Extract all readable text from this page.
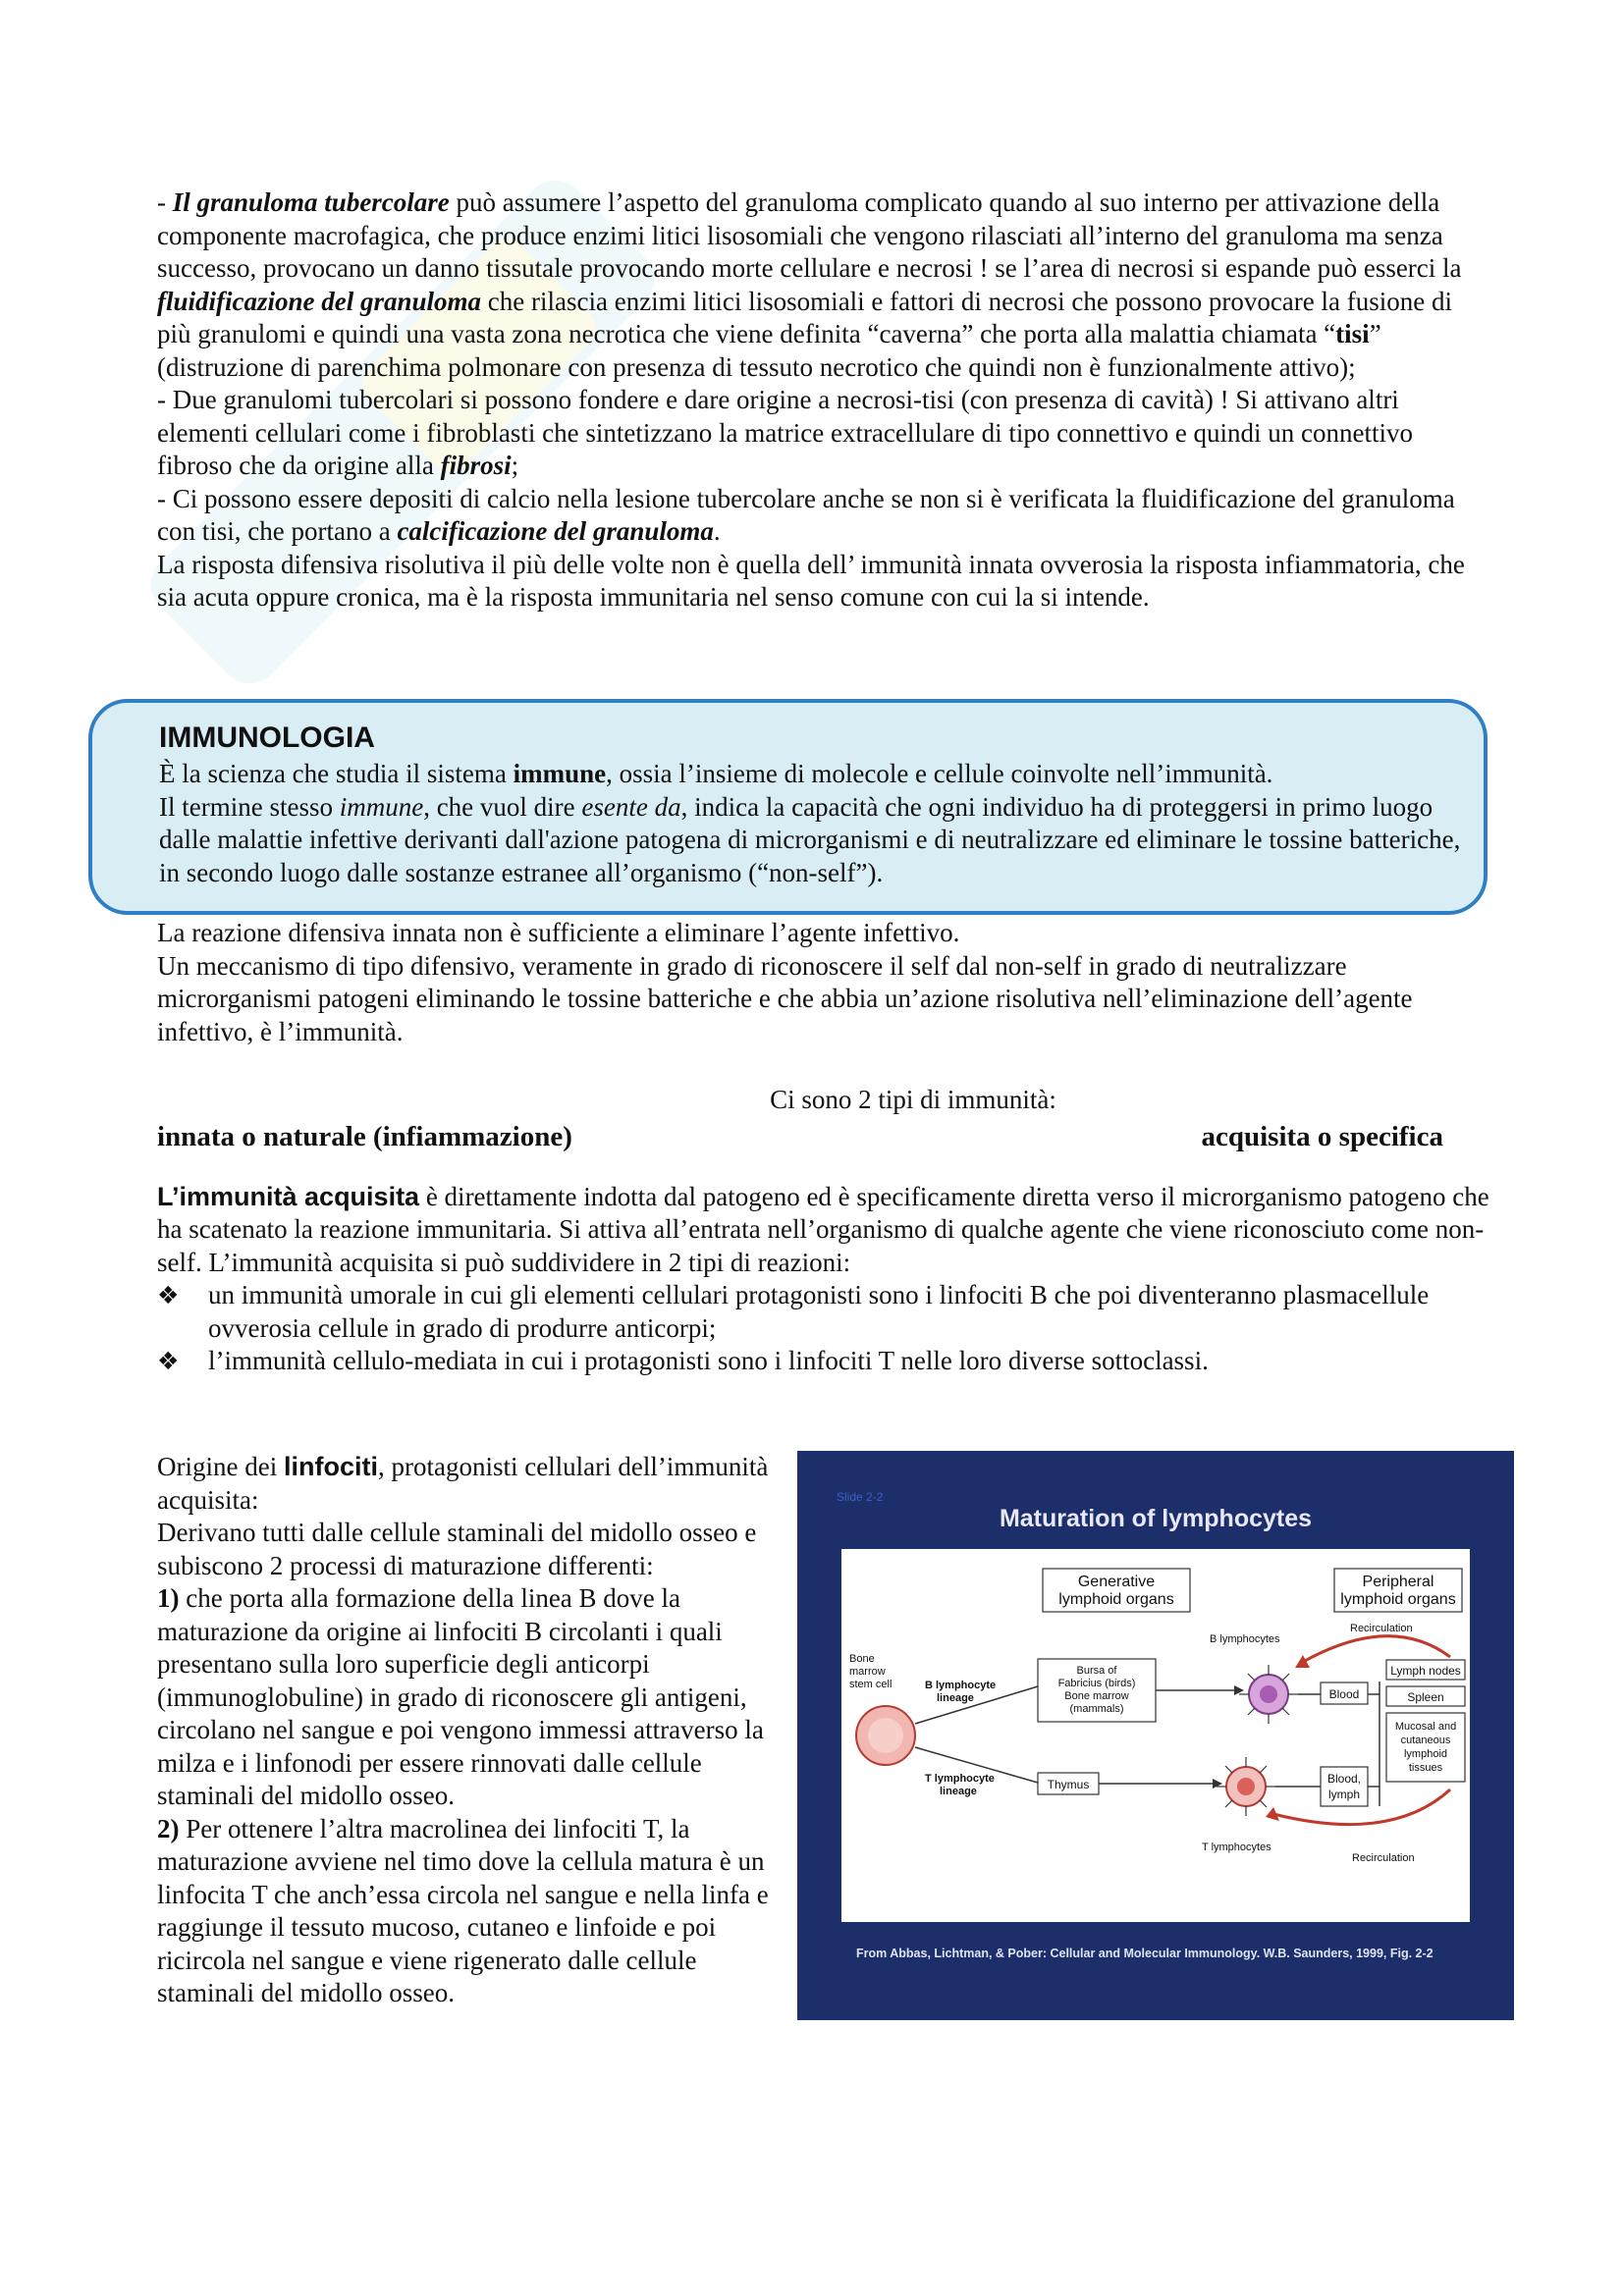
- Il granuloma tubercolare può assumere l’aspetto del granuloma complicato quando al suo interno per attivazione della componente macrofagica, che produce enzimi litici lisosomiali che vengono rilasciati all’interno del granuloma ma senza successo, provocano un danno tissutale provocando morte cellulare e necrosi ! se l’area di necrosi si espande può esserci la fluidificazione del granuloma che rilascia enzimi litici lisosomiali e fattori di necrosi che possono provocare la fusione di più granulomi e quindi una vasta zona necrotica che viene definita “caverna” che porta alla malattia chiamata “tisi” (distruzione di parenchima polmonare con presenza di tessuto necrotico che quindi non è funzionalmente attivo);

- Due granulomi tubercolari si possono fondere e dare origine a necrosi-tisi (con presenza di cavità) ! Si attivano altri elementi cellulari come i fibroblasti che sintetizzano la matrice extracellulare di tipo connettivo e quindi un connettivo fibroso che da origine alla fibrosi;

- Ci possono essere depositi di calcio nella lesione tubercolare anche se non si è verificata la fluidificazione del granuloma con tisi, che portano a calcificazione del granuloma.

La risposta difensiva risolutiva il più delle volte non è quella dell’ immunità innata ovverosia la risposta infiammatoria, che sia acuta oppure cronica, ma è la risposta immunitaria nel senso comune con cui la si intende.

IMMUNOLOGIA

È la scienza che studia il sistema immune, ossia l’insieme di molecole e cellule coinvolte nell’immunità.

Il termine stesso immune, che vuol dire esente da, indica la capacità che ogni individuo ha di proteggersi in primo luogo dalle malattie infettive derivanti dall'azione patogena di microrganismi e di neutralizzare ed eliminare le tossine batteriche, in secondo luogo dalle sostanze estranee all’organismo (“non-self”).

La reazione difensiva innata non è sufficiente a eliminare l’agente infettivo.

Un meccanismo di tipo difensivo, veramente in grado di riconoscere il self dal non-self in grado di neutralizzare microrganismi patogeni eliminando le tossine batteriche e che abbia un’azione risolutiva nell’eliminazione dell’agente infettivo, è l’immunità.

Ci sono 2 tipi di immunità:

innata o naturale (infiammazione)	acquisita o specifica

L’immunità acquisita è direttamente indotta dal patogeno ed è specificamente diretta verso il microrganismo patogeno che ha scatenato la reazione immunitaria. Si attiva all’entrata nell’organismo di qualche agente che viene riconosciuto come non-self. L’immunità acquisita si può suddividere in 2 tipi di reazioni:

❖	un immunità umorale in cui gli elementi cellulari protagonisti sono i linfociti B che poi diventeranno plasmacellule ovverosia cellule in grado di produrre anticorpi;

❖	l’immunità cellulo-mediata in cui i protagonisti sono i linfociti T nelle loro diverse sottoclassi.

Origine dei linfociti, protagonisti cellulari dell’immunità acquisita:

Derivano tutti dalle cellule staminali del midollo osseo e subiscono 2 processi di maturazione differenti:

1) che porta alla formazione della linea B dove la maturazione da origine ai linfociti B circolanti i quali presentano sulla loro superficie degli anticorpi (immunoglobuline) in grado di riconoscere gli antigeni, circolano nel sangue e poi vengono immessi attraverso la milza e i linfonodi per essere rinnovati dalle cellule staminali del midollo osseo.

2) Per ottenere l’altra macrolinea dei linfociti T, la maturazione avviene nel timo dove la cellula matura è un linfocita T che anch’essa circola nel sangue e nella linfa e raggiunge il tessuto mucoso, cutaneo e linfoide e poi ricircola nel sangue e viene rigenerato dalle cellule staminali del midollo osseo.

Slide 2-2
Maturation of lymphocytes
Generative
lymphoid organs
Peripheral
lymphoid organs
Bone
marrow
stem cell	B lymphocyte
lineage
T lymphocyte
lineage
Bursa of
Fabricius (birds)
Bone marrow
(mammals)
Thymus
B lymphocytes
T lymphocytes
Blood
Blood,
lymph
Lymph nodes
Spleen
Mucosal and
cutaneous
lymphoid
tissues
Recirculation
Recirculation
From Abbas, Lichtman, & Pober: Cellular and Molecular Immunology. W.B. Saunders, 1999, Fig. 2-2
